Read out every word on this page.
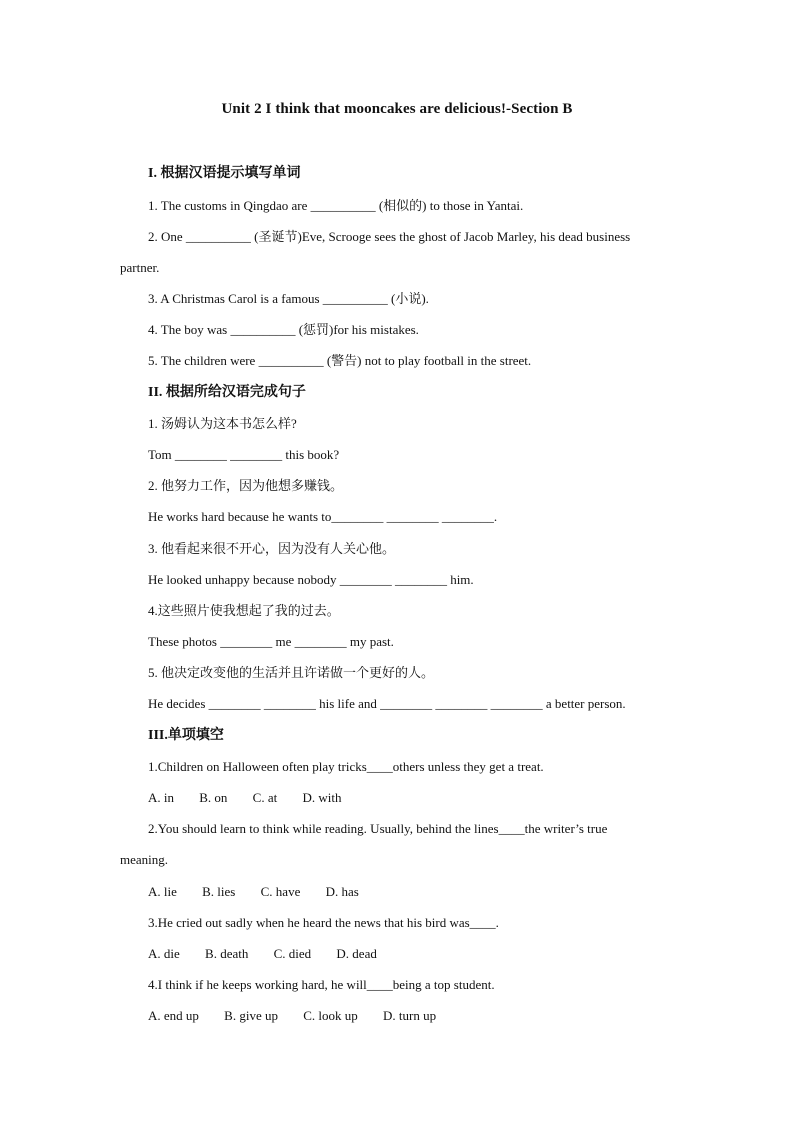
Unit 2 I think that mooncakes are delicious!-Section B
I. 根据汉语提示填写单词
1. The customs in Qingdao are __________ (相似的) to those in Yantai.
2. One __________ (圣诞节)Eve, Scrooge sees the ghost of Jacob Marley, his dead business
partner.
3. A Christmas Carol is a famous __________ (小说).
4. The boy was __________ (惩罚)for his mistakes.
5. The children were __________ (警告) not to play football in the street.
II. 根据所给汉语完成句子
1. 汤姆认为这本书怎么样?
Tom ________ ________ this book?
2. 他努力工作，因为他想多赚钱。
He works hard because he wants to________ ________ ________.
3. 他看起来很不开心，因为没有人关心他。
He looked unhappy because nobody ________ ________ him.
4.这些照片使我想起了我的过去。
These photos ________ me ________ my past.
5. 他决定改变他的生活并且许诺做一个更好的人。
He decides ________ ________ his life and ________ ________ ________ a better person.
III.单项填空
1.Children on Halloween often play tricks____others unless they get a treat.
A. in B. on C. at D. with
2.You should learn to think while reading. Usually, behind the lines____the writer’s true
meaning.
A. lie B. lies C. have D. has
3.He cried out sadly when he heard the news that his bird was____.
A. die B. death C. died D. dead
4.I think if he keeps working hard, he will____being a top student.
A. end up B. give up C. look up D. turn up
